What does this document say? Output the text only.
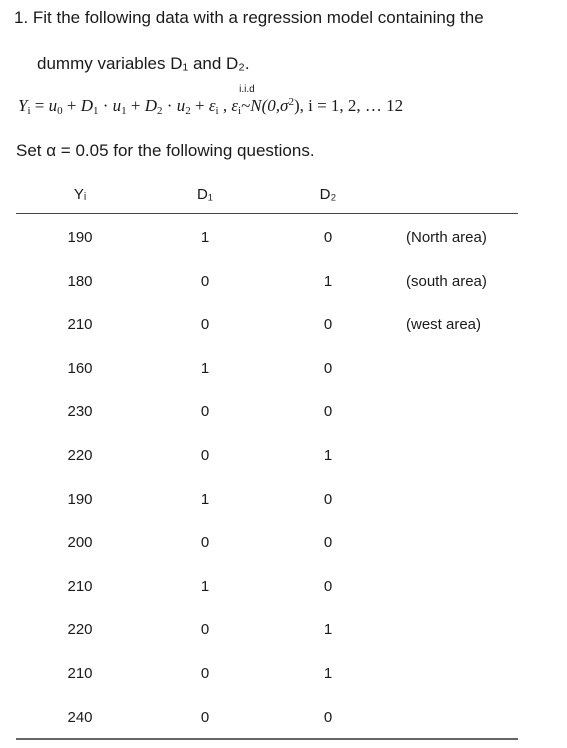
1. Fit the following data with a regression model containing the
dummy variables D₁ and D₂.
$Y_i = u_0 + D_1 \cdot u_1 + D_2 \cdot u_2 + \varepsilon_i$ , $\varepsilon_i$
i.i.d
$\sim N(0,\sigma^2)$, i = 1, 2, … 12
Set α = 0.05 for the following questions.
Yᵢ	D₁	D₂
190	1	0	(North area)
180	0	1	(south area)
210	0	0	(west area)
160	1	0
230	0	0
220	0	1
190	1	0
200	0	0
210	1	0
220	0	1
210	0	1
240	0	0
